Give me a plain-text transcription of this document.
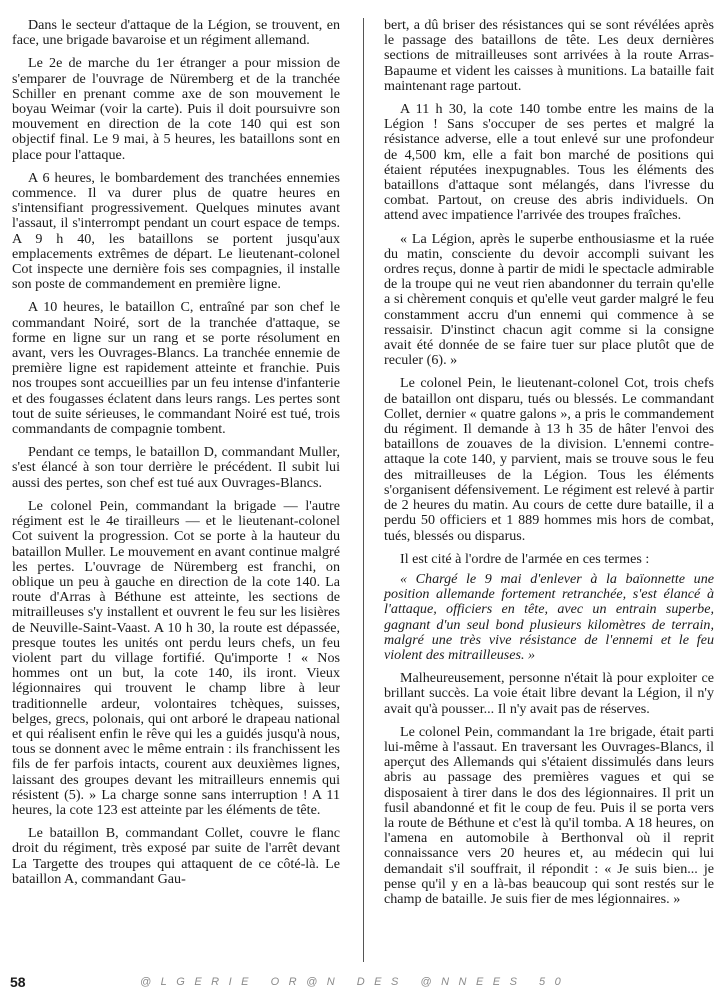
Dans le secteur d'attaque de la Légion, se trouvent, en face, une brigade bavaroise et un régiment allemand.

Le 2e de marche du 1er étranger a pour mission de s'emparer de l'ouvrage de Nüremberg et de la tranchée Schiller en prenant comme axe de son mouvement le boyau Weimar (voir la carte). Puis il doit poursuivre son mouvement en direction de la cote 140 qui est son objectif final. Le 9 mai, à 5 heures, les bataillons sont en place pour l'attaque.

A 6 heures, le bombardement des tranchées ennemies commence. Il va durer plus de quatre heures en s'intensifiant progressivement. Quelques minutes avant l'assaut, il s'interrompt pendant un court espace de temps. A 9 h 40, les bataillons se portent jusqu'aux emplacements extrêmes de départ. Le lieutenant-colonel Cot inspecte une dernière fois ses compagnies, il installe son poste de commandement en première ligne.

A 10 heures, le bataillon C, entraîné par son chef le commandant Noiré, sort de la tranchée d'attaque, se forme en ligne sur un rang et se porte résolument en avant, vers les Ouvrages-Blancs. La tranchée ennemie de première ligne est rapidement atteinte et franchie. Puis nos troupes sont accueillies par un feu intense d'infanterie et des fougasses éclatent dans leurs rangs. Les pertes sont tout de suite sérieuses, le commandant Noiré est tué, trois commandants de compagnie tombent.

Pendant ce temps, le bataillon D, commandant Muller, s'est élancé à son tour derrière le précédent. Il subit lui aussi des pertes, son chef est tué aux Ouvrages-Blancs.

Le colonel Pein, commandant la brigade — l'autre régiment est le 4e tirailleurs — et le lieutenant-colonel Cot suivent la progression. Cot se porte à la hauteur du bataillon Muller. Le mouvement en avant continue malgré les pertes. L'ouvrage de Nüremberg est franchi, on oblique un peu à gauche en direction de la cote 140. La route d'Arras à Béthune est atteinte, les sections de mitrailleuses s'y installent et ouvrent le feu sur les lisières de Neuville-Saint-Vaast. A 10 h 30, la route est dépassée, presque toutes les unités ont perdu leurs chefs, un feu violent part du village fortifié. Qu'importe ! « Nos hommes ont un but, la cote 140, ils iront. Vieux légionnaires qui trouvent le champ libre à leur traditionnelle ardeur, volontaires tchèques, suisses, belges, grecs, polonais, qui ont arboré le drapeau national et qui réalisent enfin le rêve qui les a guidés jusqu'à nous, tous se donnent avec le même entrain : ils franchissent les fils de fer parfois intacts, courent aux deuxièmes lignes, laissant des groupes devant les mitrailleurs ennemis qui résistent (5). » La charge sonne sans interruption ! A 11 heures, la cote 123 est atteinte par les éléments de tête.

Le bataillon B, commandant Collet, couvre le flanc droit du régiment, très exposé par suite de l'arrêt devant La Targette des troupes qui attaquent de ce côté-là. Le bataillon A, commandant Gau-

bert, a dû briser des résistances qui se sont révélées après le passage des bataillons de tête. Les deux dernières sections de mitrailleuses sont arrivées à la route Arras-Bapaume et vident les caisses à munitions. La bataille fait maintenant rage partout.

A 11 h 30, la cote 140 tombe entre les mains de la Légion ! Sans s'occuper de ses pertes et malgré la résistance adverse, elle a tout enlevé sur une profondeur de 4,500 km, elle a fait bon marché de positions qui étaient réputées inexpugnables. Tous les éléments des bataillons d'attaque sont mélangés, dans l'ivresse du combat. Partout, on creuse des abris individuels. On attend avec impatience l'arrivée des troupes fraîches.

« La Légion, après le superbe enthousiasme et la ruée du matin, consciente du devoir accompli suivant les ordres reçus, donne à partir de midi le spectacle admirable de la troupe qui ne veut rien abandonner du terrain qu'elle a si chèrement conquis et qu'elle veut garder malgré le feu constamment accru d'un ennemi qui commence à se ressaisir. D'instinct chacun agit comme si la consigne avait été donnée de se faire tuer sur place plutôt que de reculer (6). »

Le colonel Pein, le lieutenant-colonel Cot, trois chefs de bataillon ont disparu, tués ou blessés. Le commandant Collet, dernier « quatre galons », a pris le commandement du régiment. Il demande à 13 h 35 de hâter l'envoi des bataillons de zouaves de la division. L'ennemi contre-attaque la cote 140, y parvient, mais se trouve sous le feu des mitrailleuses de la Légion. Tous les éléments s'organisent défensivement. Le régiment est relevé à partir de 2 heures du matin. Au cours de cette dure bataille, il a perdu 50 officiers et 1 889 hommes mis hors de combat, tués, blessés ou disparus.

Il est cité à l'ordre de l'armée en ces termes :

« Chargé le 9 mai d'enlever à la baïonnette une position allemande fortement retranchée, s'est élancé à l'attaque, officiers en tête, avec un entrain superbe, gagnant d'un seul bond plusieurs kilomètres de terrain, malgré une très vive résistance de l'ennemi et le feu violent des mitrailleuses. »

Malheureusement, personne n'était là pour exploiter ce brillant succès. La voie était libre devant la Légion, il n'y avait qu'à pousser... Il n'y avait pas de réserves.

Le colonel Pein, commandant la 1re brigade, était parti lui-même à l'assaut. En traversant les Ouvrages-Blancs, il aperçut des Allemands qui s'étaient dissimulés dans leurs abris au passage des premières vagues et qui se disposaient à tirer dans le dos des légionnaires. Il prit un fusil abandonné et fit le coup de feu. Puis il se porta vers la route de Béthune et c'est là qu'il tomba. A 18 heures, on l'amena en automobile à Berthonval où il reprit connaissance vers 20 heures et, au médecin qui lui demandait s'il souffrait, il répondit : « Je suis bien... je pense qu'il y en a là-bas beaucoup qui sont restés sur le champ de bataille. Je suis fier de mes légionnaires. »

58	@LGERIE OR@N DES @NNEES 50
